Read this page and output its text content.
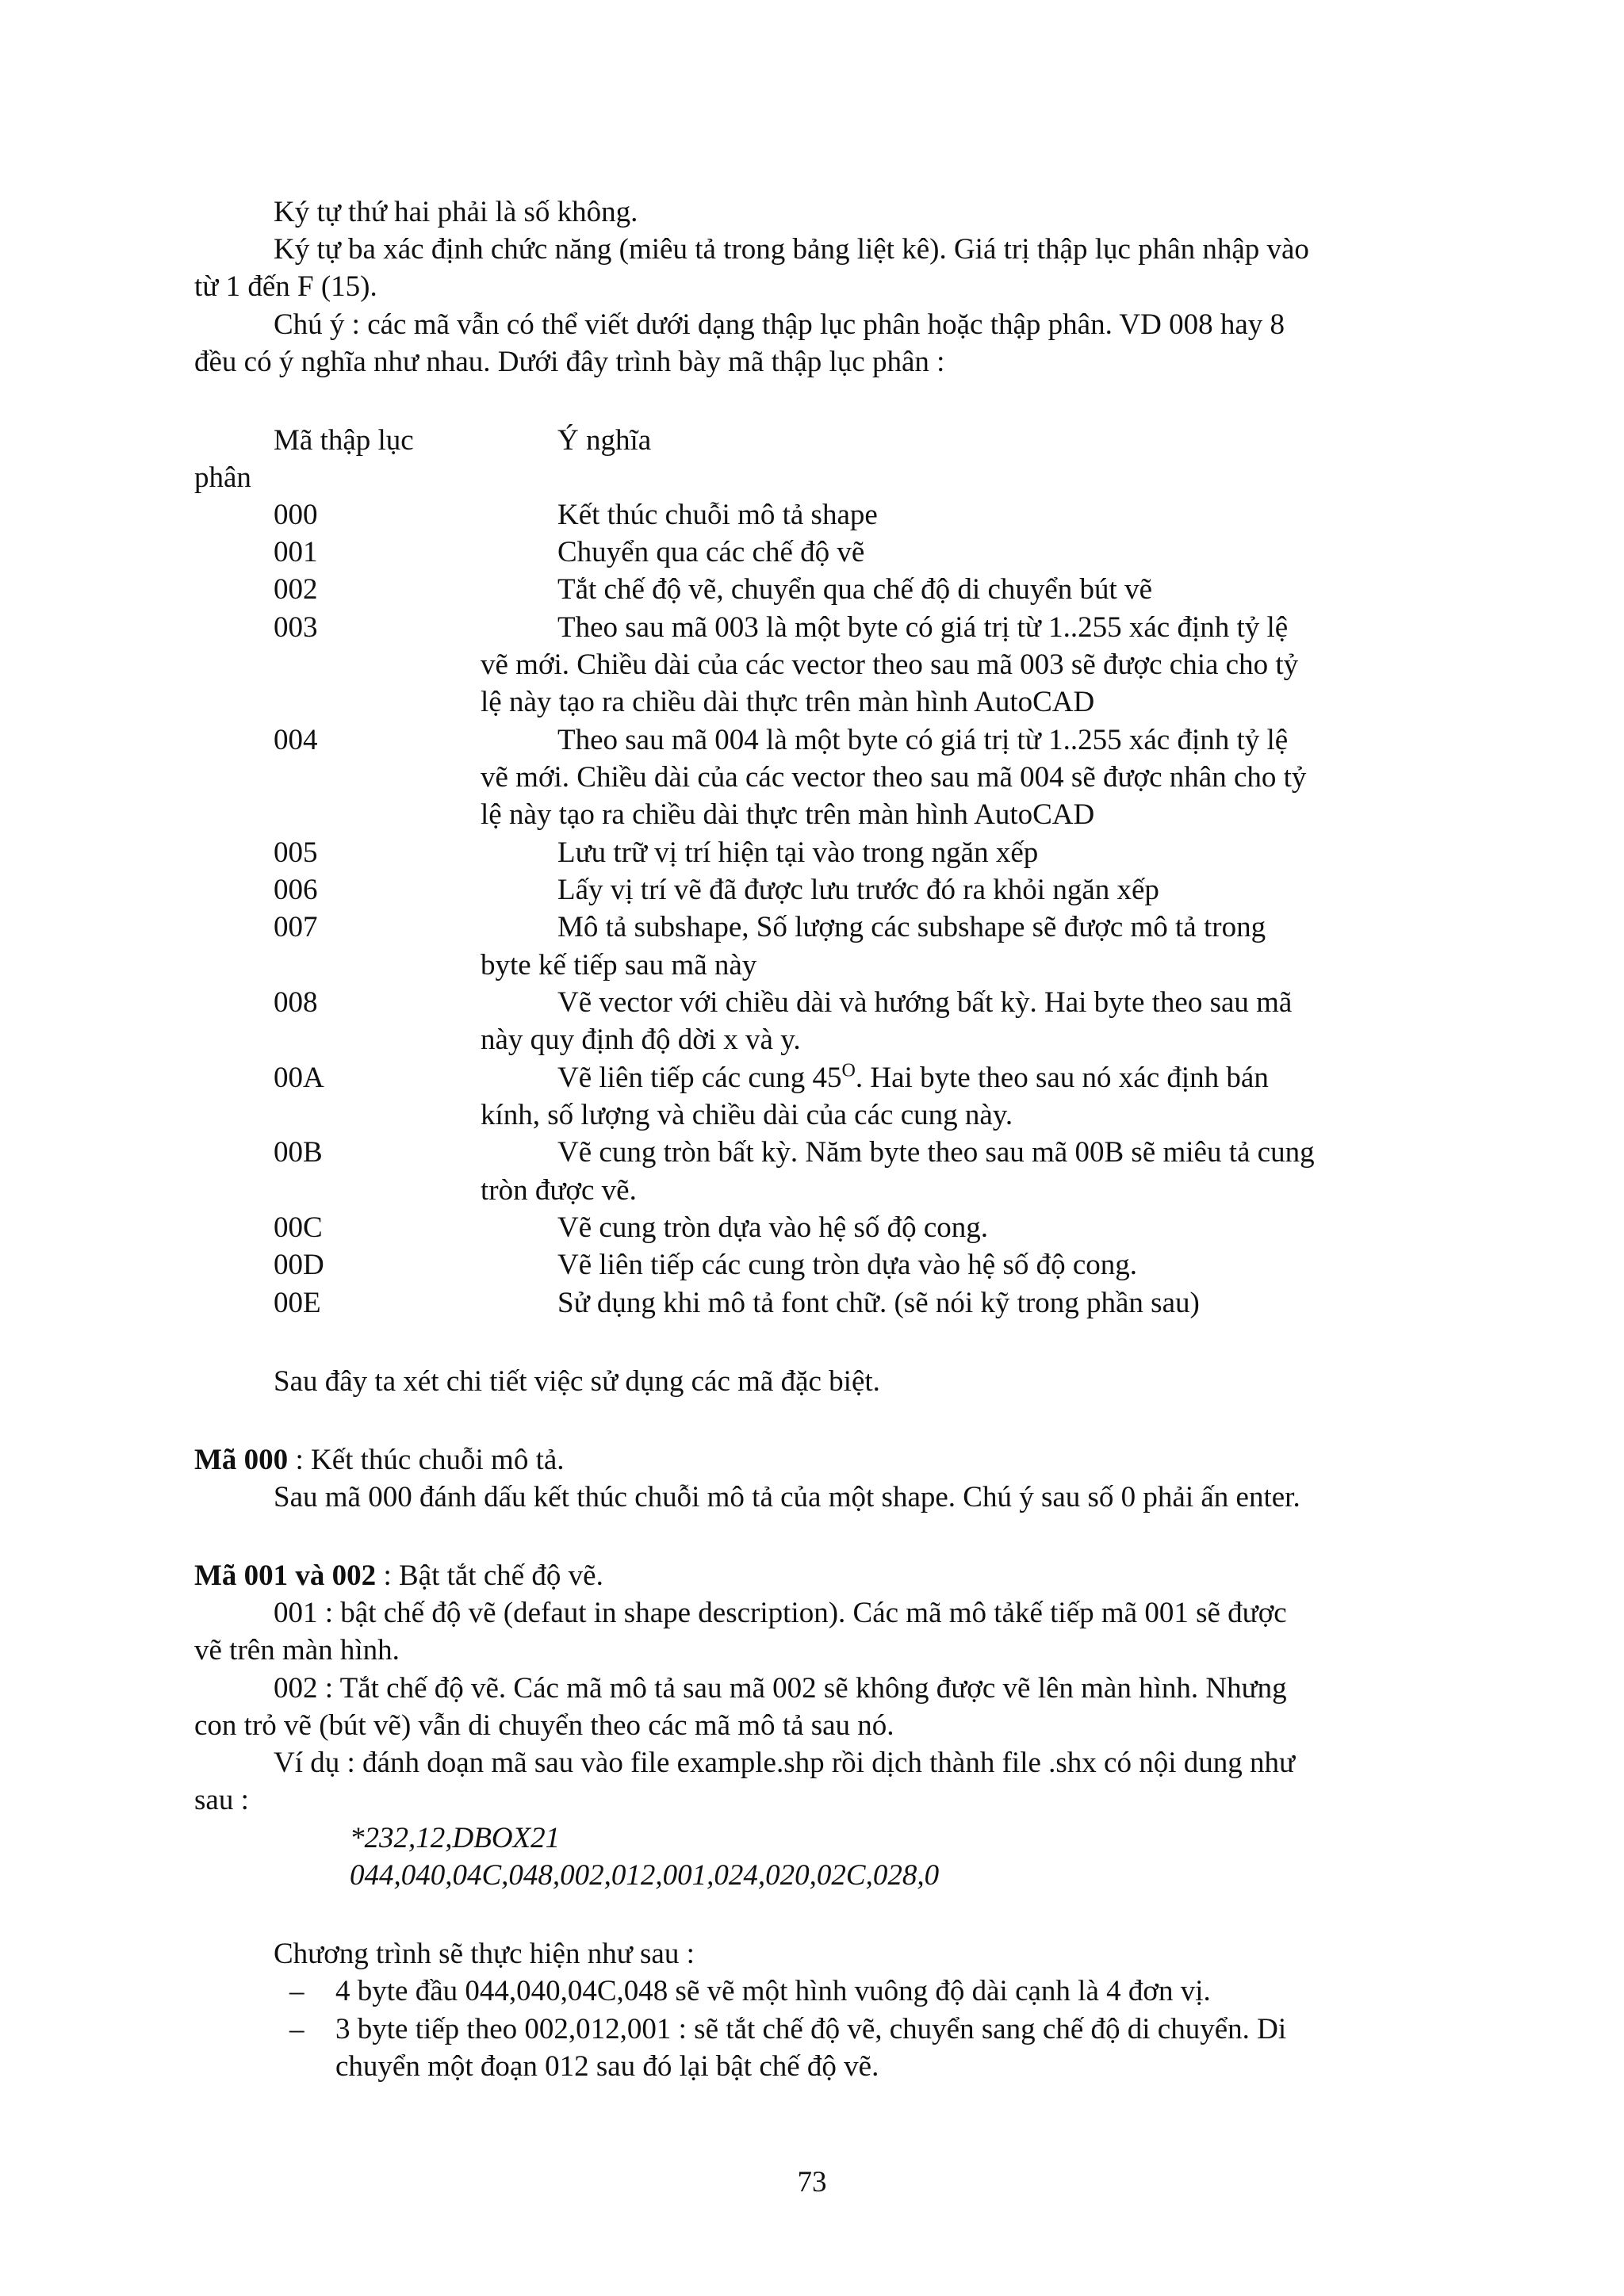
Ký tự thứ hai phải là số không.
Ký tự ba xác định chức năng (miêu tả trong bảng liệt kê). Giá trị thập lục phân nhập vào
từ 1 đến F (15).
Chú ý : các mã vẫn có thể viết dưới dạng thập lục phân hoặc thập phân. VD 008 hay 8
đều có ý nghĩa như nhau. Dưới đây trình bày mã thập lục phân :
Mã thập lục	Ý nghĩa
phân
000	Kết thúc chuỗi mô tả shape
001	Chuyển qua các chế độ vẽ
002	Tắt chế độ vẽ, chuyển qua chế độ di chuyển bút vẽ
003	Theo sau mã 003 là một byte có giá trị từ 1..255 xác định tỷ lệ
vẽ mới. Chiều dài của các vector theo sau mã 003 sẽ được chia cho tỷ
lệ này tạo ra chiều dài thực trên màn hình AutoCAD
004	Theo sau mã 004 là một byte có giá trị từ 1..255 xác định tỷ lệ
vẽ mới. Chiều dài của các vector theo sau mã 004 sẽ được nhân cho tỷ
lệ này tạo ra chiều dài thực trên màn hình AutoCAD
005	Lưu trữ vị trí hiện tại vào trong ngăn xếp
006	Lấy vị trí vẽ đã được lưu trước đó ra khỏi ngăn xếp
007	Mô tả subshape, Số lượng các subshape sẽ được mô tả trong
byte kế tiếp sau mã này
008	Vẽ vector với chiều dài và hướng bất kỳ. Hai byte theo sau mã
này quy định độ dời x và y.
00A	Vẽ liên tiếp các cung $45^O$. Hai byte theo sau nó xác định bán
kính, số lượng và chiều dài của các cung này.
00B	Vẽ cung tròn bất kỳ. Năm byte theo sau mã 00B sẽ miêu tả cung
tròn được vẽ.
00C	Vẽ cung tròn dựa vào hệ số độ cong.
00D	Vẽ liên tiếp các cung tròn dựa vào hệ số độ cong.
00E	Sử dụng khi mô tả font chữ. (sẽ nói kỹ trong phần sau)
Sau đây ta xét chi tiết việc sử dụng các mã đặc biệt.
Mã 000 : Kết thúc chuỗi mô tả.
Sau mã 000 đánh dấu kết thúc chuỗi mô tả của một shape. Chú ý sau số 0 phải ấn enter.
Mã 001 và 002 : Bật tắt chế độ vẽ.
001 : bật chế độ vẽ (defaut in shape description). Các mã mô tảkế tiếp mã 001 sẽ được
vẽ trên màn hình.
002 : Tắt chế độ vẽ. Các mã mô tả sau mã 002 sẽ không được vẽ lên màn hình. Nhưng
con trỏ vẽ (bút vẽ) vẫn di chuyển theo các mã mô tả sau nó.
Ví dụ : đánh doạn mã sau vào file example.shp rồi dịch thành file .shx có nội dung như
sau :
*232,12,DBOX21
044,040,04C,048,002,012,001,024,020,02C,028,0
Chương trình sẽ thực hiện như sau :
– 4 byte đầu 044,040,04C,048 sẽ vẽ một hình vuông độ dài cạnh là 4 đơn vị.
– 3 byte tiếp theo 002,012,001 : sẽ tắt chế độ vẽ, chuyển sang chế độ di chuyển. Di
chuyển một đoạn 012 sau đó lại bật chế độ vẽ.
73
